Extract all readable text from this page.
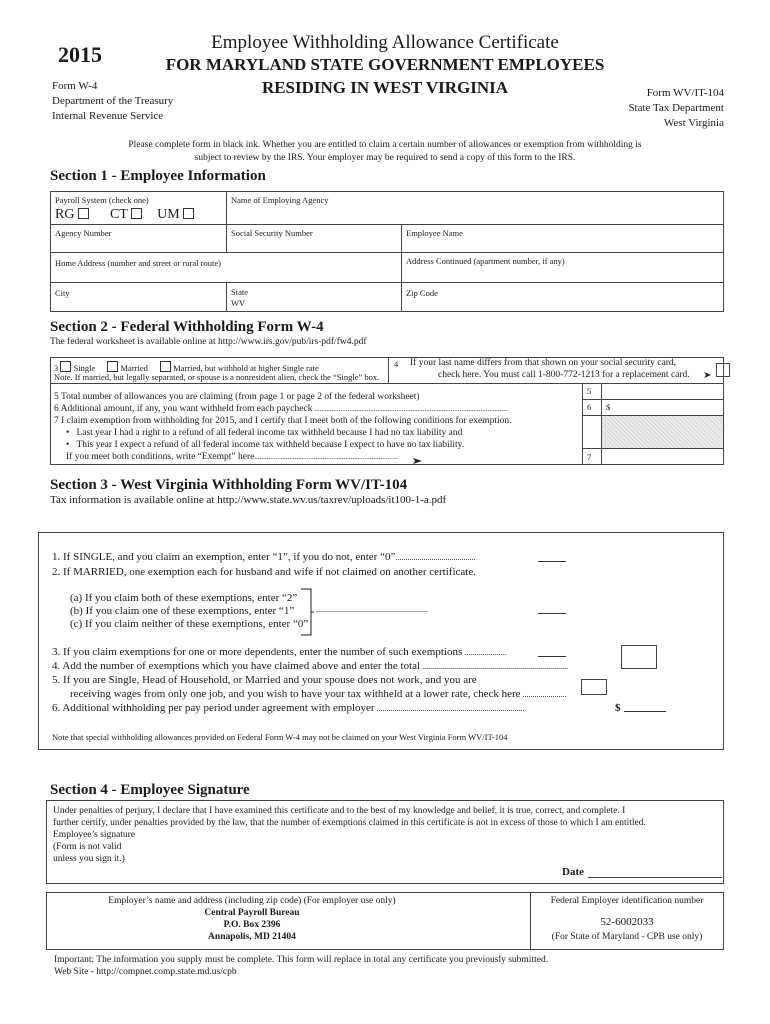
2015
Form W-4
Department of the Treasury
Internal Revenue Service
Employee Withholding Allowance Certificate
FOR MARYLAND STATE GOVERNMENT EMPLOYEES
RESIDING IN WEST VIRGINIA	Form WV/IT-104
State Tax Department
West Virginia
Please complete form in black ink. Whether you are entitled to claim a certain number of allowances or exemption from withholding is
subject to review by the IRS. Your employer may be required to send a copy of this form to the IRS.
Section 1 - Employee Information
Payroll System (check one)
RG	CT UM
Name of Employing Agency
Agency Number	Social Security Number	Employee Name
Home Address (number and street or rural route)	Address Continued (apartment number, if any)
City	State
WV
Zip Code
Section 2 - Federal Withholding Form W-4
The federal worksheet is available online at http://www.irs.gov/pub/irs-pdf/fw4.pdf
3 Single	Married	Married, but withhold at higher Single rate
Note. If married, but legally separated, or spouse is a nonresident alien, check the “Single” box.
4 If your last name differs from that shown on your social security card,
check here. You must call 1-800-772-1213 for a replacement card.
5 Total number of allowances you are claiming (from page 1 or page 2 of the federal worksheet)
6 Additional amount, if any, you want withheld from each paycheck ...............................................................................................................
7 I claim exemption from withholding for 2015, and I certify that I meet both of the following conditions for exemption.
•   Last year I had a right to a refund of all federal income tax withheld because I had no tax liability and
•   This year I expect a refund of all federal income tax withheld because I expect to have no tax liability.
If you meet both conditions, write “Exempt” here..................................................................................
5
6 $
7
Section 3 - West Virginia Withholding Form WV/IT-104
Tax information is available online at http://www.state.wv.us/taxrev/uploads/it100-1-a.pdf
1. If SINGLE, and you claim an exemption, enter “1”, if you do not, enter “0”........................................
2. If MARRIED, one exemption each for husband and wife if not claimed on another certificate.
(a) If you claim both of these exemptions, enter “2”
(b) If you claim one of these exemptions, enter “1”
(c) If you claim neither of these exemptions, enter “0”
........................................................
3. If you claim exemptions for one or more dependents, enter the number of such exemptions .....................
4. Add the number of exemptions which you have claimed above and enter the total .........................................................................
5. If you are Single, Head of Household, or Married and your spouse does not work, and you are
receiving wages from only one job, and you wish to have your tax withheld at a lower rate, check here ......................
6. Additional withholding per pay period under agreement with employer ..........................................................................	$
Note that special withholding allowances provided on Federal Form W-4 may not be claimed on your West Virginia Form WV/IT-104
Section 4 - Employee Signature
Under penalties of perjury, I declare that I have examined this certificate and to the best of my knowledge and belief, it is true, correct, and complete. I
further certify, under penalties provided by the law, that the number of exemptions claimed in this certificate is not in excess of those to which I am entitled.
Employee’s signature
(Form is not valid
unless you sign it.)
Date
Employer’s name and address (including zip code) (For employer use only)
Central Payroll Bureau
P.O. Box 2396
Annapolis, MD 21404
Federal Employer identification number
52-6002033
(For State of Maryland - CPB use only)
Important: The information you supply must be complete. This form will replace in total any certificate you previously submitted.
Web Site - http://compnet.comp.state.md.us/cpb
